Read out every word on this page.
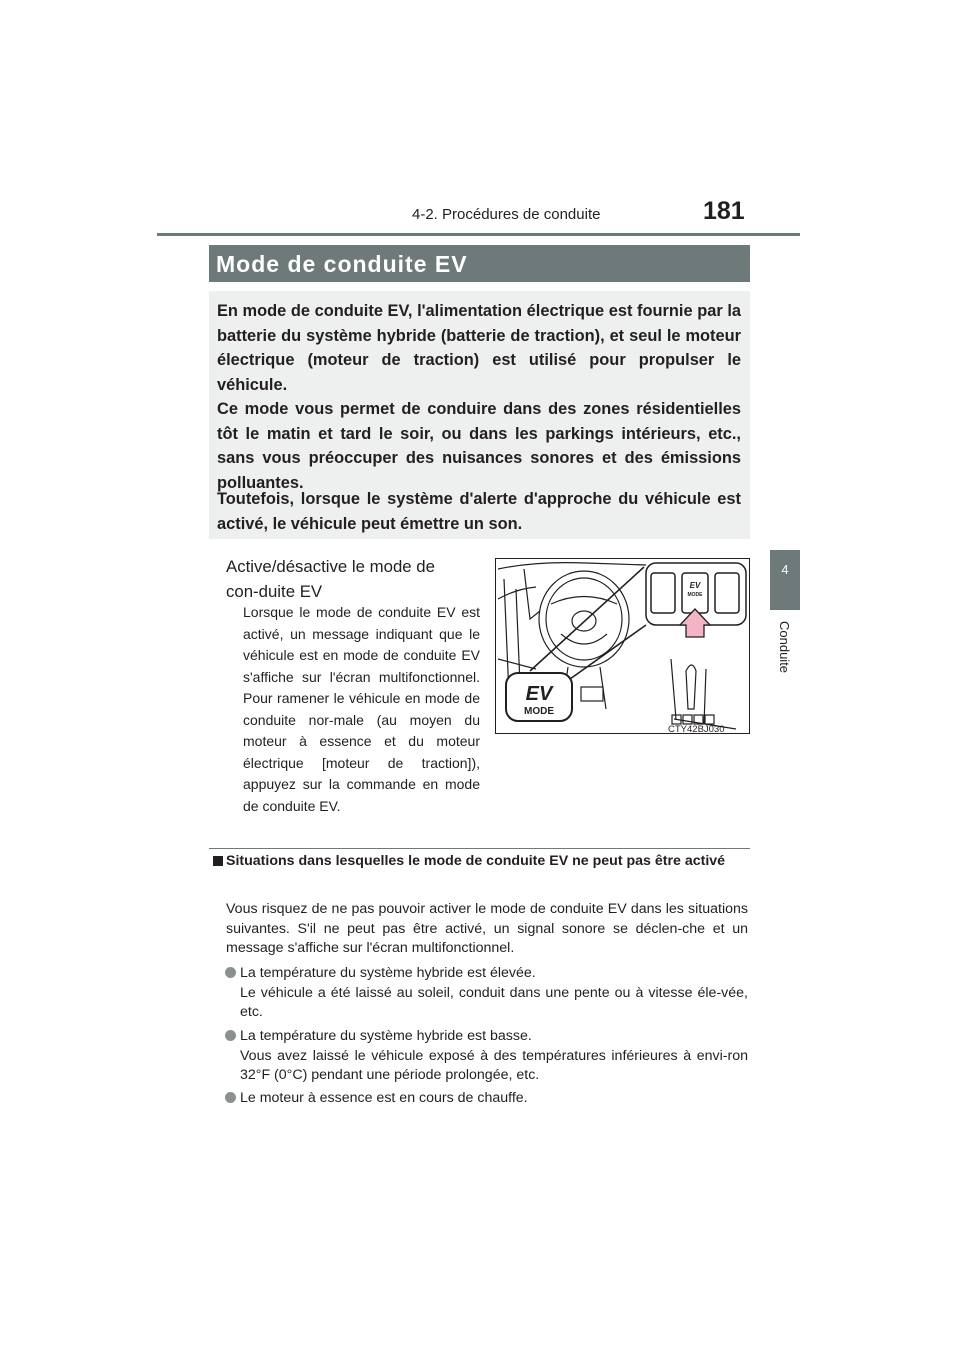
4-2. Procédures de conduite	181
4
Conduite
Mode de conduite EV

En mode de conduite EV, l'alimentation électrique est fournie par la batterie du système hybride (batterie de traction), et seul le moteur électrique (moteur de traction) est utilisé pour propulser le véhicule.

Ce mode vous permet de conduire dans des zones résidentielles tôt le matin et tard le soir, ou dans les parkings intérieurs, etc., sans vous préoccuper des nuisances sonores et des émissions polluantes.

Toutefois, lorsque le système d'alerte d'approche du véhicule est activé, le véhicule peut émettre un son.

Active/désactive le mode de con-duite EV

Lorsque le mode de conduite EV est activé, un message indiquant que le véhicule est en mode de conduite EV s'affiche sur l'écran multifonctionnel. Pour ramener le véhicule en mode de conduite nor-male (au moyen du moteur à essence et du moteur électrique [moteur de traction]), appuyez sur la commande en mode de conduite EV.

EV
MODE
EV
MODE
CTY42BJ030

Situations dans lesquelles le mode de conduite EV ne peut pas être activé

Vous risquez de ne pas pouvoir activer le mode de conduite EV dans les situations suivantes. S'il ne peut pas être activé, un signal sonore se déclen-che et un message s'affiche sur l'écran multifonctionnel.

La température du système hybride est élevée.
Le véhicule a été laissé au soleil, conduit dans une pente ou à vitesse éle-vée, etc.
La température du système hybride est basse.
Vous avez laissé le véhicule exposé à des températures inférieures à envi-ron 32°F (0°C) pendant une période prolongée, etc.
Le moteur à essence est en cours de chauffe.
